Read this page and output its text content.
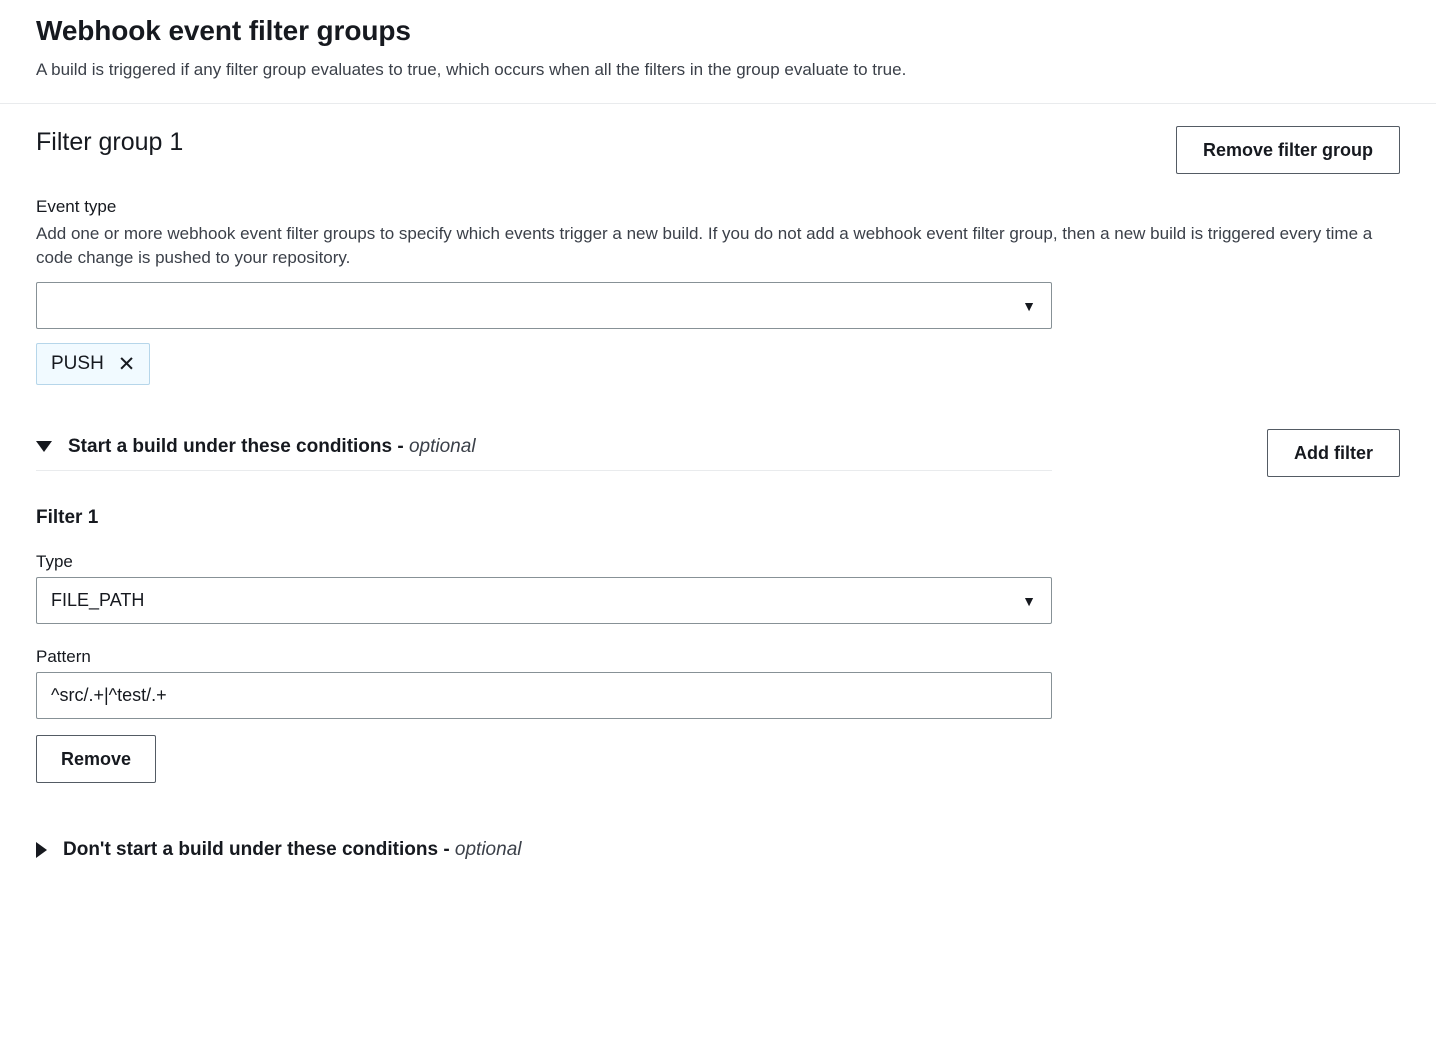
Webhook event filter groups

A build is triggered if any filter group evaluates to true, which occurs when all the filters in the group evaluate to true.

Filter group 1	Remove filter group
Event type

Add one or more webhook event filter groups to specify which events trigger a new build. If you do not add a webhook event filter group, then a new build is triggered every time a code change is pushed to your repository.

▼
PUSH ✕
Start a build under these conditions - optional	Add filter

Filter 1

Type
FILE_PATH	▼
Pattern
^src/.+|^test/.+
Remove
Don't start a build under these conditions - optional
